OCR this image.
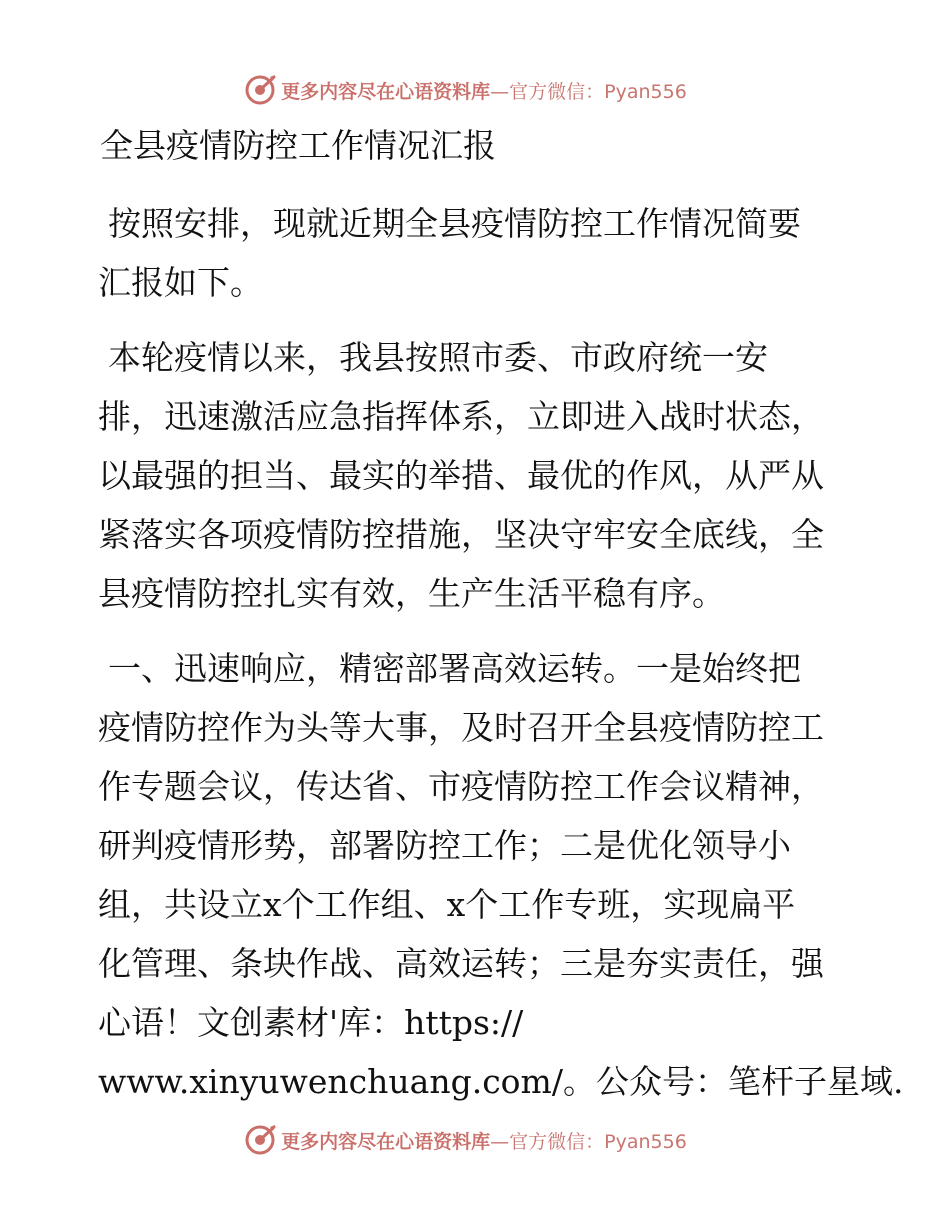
更多内容尽在心语资料库 —官方微信：Pyan556
全县疫情防控工作情况汇报

按照安排，现就近期全县疫情防控工作情况简要
汇报如下。

本轮疫情以来，我县按照市委、市政府统一安
排，迅速激活应急指挥体系，立即进入战时状态，
以最强的担当、最实的举措、最优的作风，从严从
紧落实各项疫情防控措施，坚决守牢安全底线，全
县疫情防控扎实有效，生产生活平稳有序。

一、迅速响应，精密部署高效运转。一是始终把
疫情防控作为头等大事，及时召开全县疫情防控工
作专题会议，传达省、市疫情防控工作会议精神，
研判疫情形势，部署防控工作；二是优化领导小
组，共设立x个工作组、x个工作专班，实现扁平
化管理、条块作战、高效运转；三是夯实责任，强
心语！文创素材'库：https://
www.xinyuwenchuang.com/。公众号：笔杆子星域.

更多内容尽在心语资料库 —官方微信：Pyan556
